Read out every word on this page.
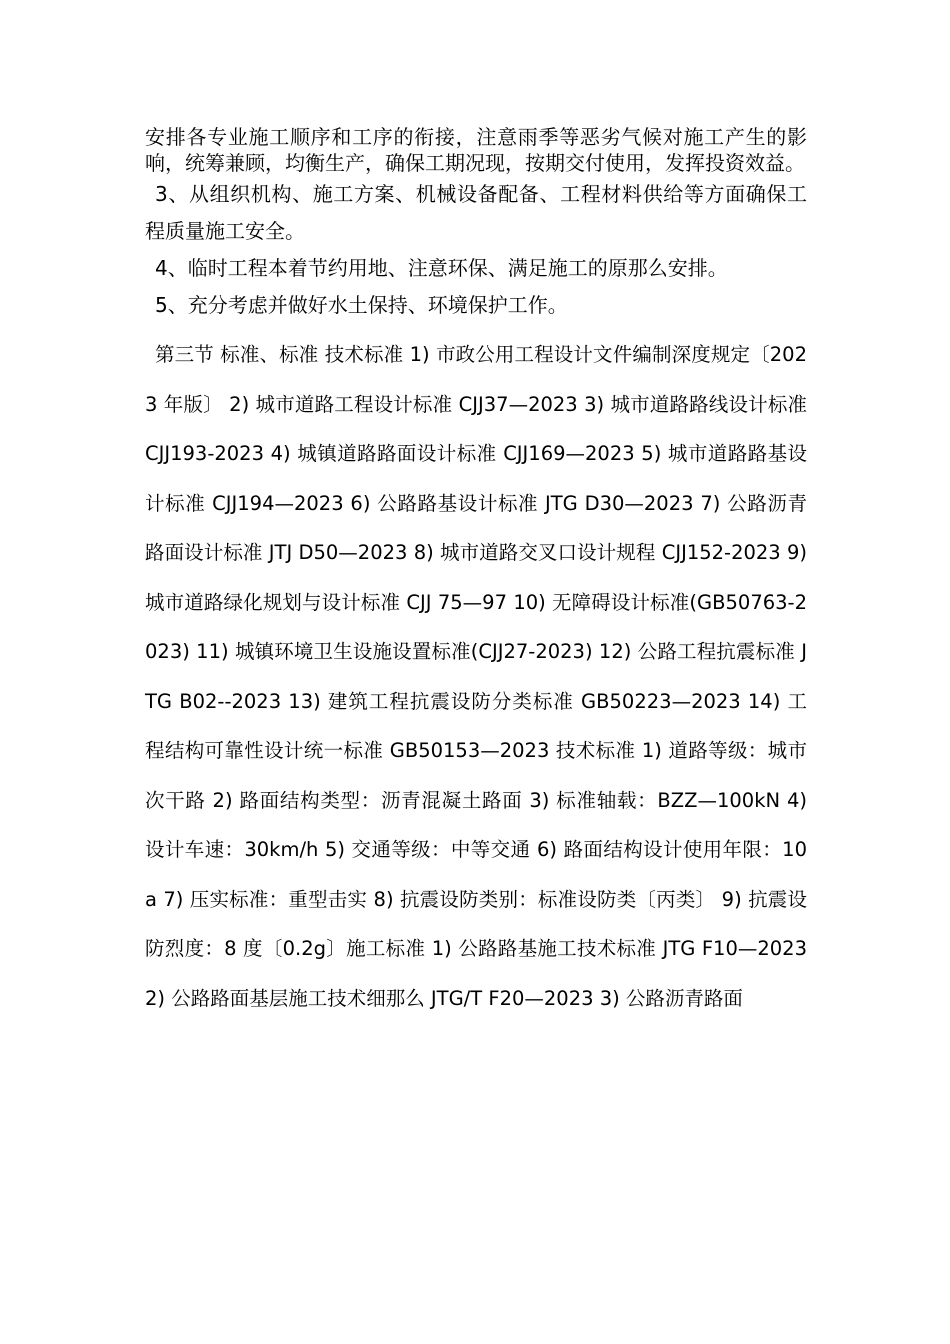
安排各专业施工顺序和工序的衔接，注意雨季等恶劣气候对施工产生的影响，统筹兼顾，均衡生产，确保工期况现，按期交付使用，发挥投资效益。

3、从组织机构、施工方案、机械设备配备、工程材料供给等方面确保工程质量施工安全。

4、临时工程本着节约用地、注意环保、满足施工的原那么安排。

5、充分考虑并做好水土保持、环境保护工作。

第三节 标准、标准 技术标准 1) 市政公用工程设计文件编制深度规定〔2023 年版〕 2) 城市道路工程设计标准 CJJ37—2023 3) 城市道路路线设计标准 CJJ193-2023 4) 城镇道路路面设计标准 CJJ169—2023 5) 城市道路路基设计标准 CJJ194—2023 6) 公路路基设计标准 JTG D30—2023 7) 公路沥青路面设计标准 JTJ D50—2023 8) 城市道路交叉口设计规程 CJJ152-2023 9) 城市道路绿化规划与设计标准 CJJ 75—97 10) 无障碍设计标准(GB50763-2023) 11) 城镇环境卫生设施设置标准(CJJ27-2023) 12) 公路工程抗震标准 JTG B02--2023 13) 建筑工程抗震设防分类标准 GB50223—2023 14) 工程结构可靠性设计统一标准 GB50153—2023 技术标准 1) 道路等级：城市次干路 2) 路面结构类型：沥青混凝土路面 3) 标准轴载：BZZ—100kN 4) 设计车速：30km/h 5) 交通等级：中等交通 6) 路面结构设计使用年限：10a 7) 压实标准：重型击实 8) 抗震设防类别：标准设防类〔丙类〕 9) 抗震设防烈度：8 度〔0.2g〕施工标准 1) 公路路基施工技术标准 JTG F10—2023 2) 公路路面基层施工技术细那么 JTG/T F20—2023 3) 公路沥青路面
